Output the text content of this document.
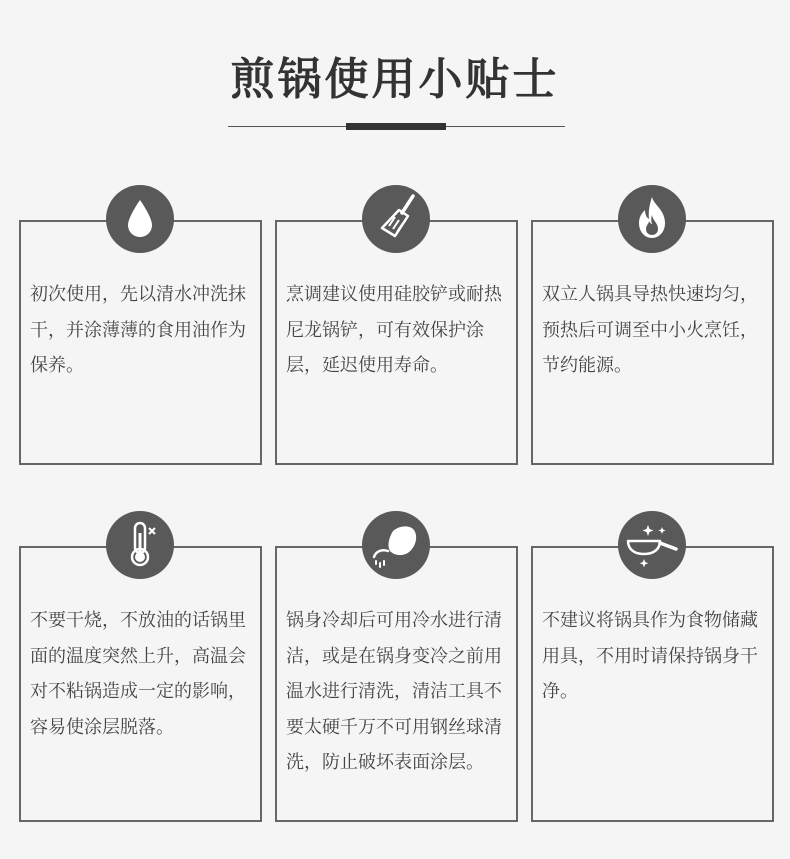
煎锅使用小贴士
初次使用，先以清水冲洗抹干，并涂薄薄的食用油作为保养。
烹调建议使用硅胶铲或耐热尼龙锅铲，可有效保护涂层，延迟使用寿命。
双立人锅具导热快速均匀，预热后可调至中小火烹饪，节约能源。
不要干烧，不放油的话锅里面的温度突然上升，高温会对不粘锅造成一定的影响，容易使涂层脱落。
锅身冷却后可用冷水进行清洁，或是在锅身变冷之前用温水进行清洗，清洁工具不要太硬千万不可用钢丝球清洗，防止破坏表面涂层。
不建议将锅具作为食物储藏用具，不用时请保持锅身干净。
